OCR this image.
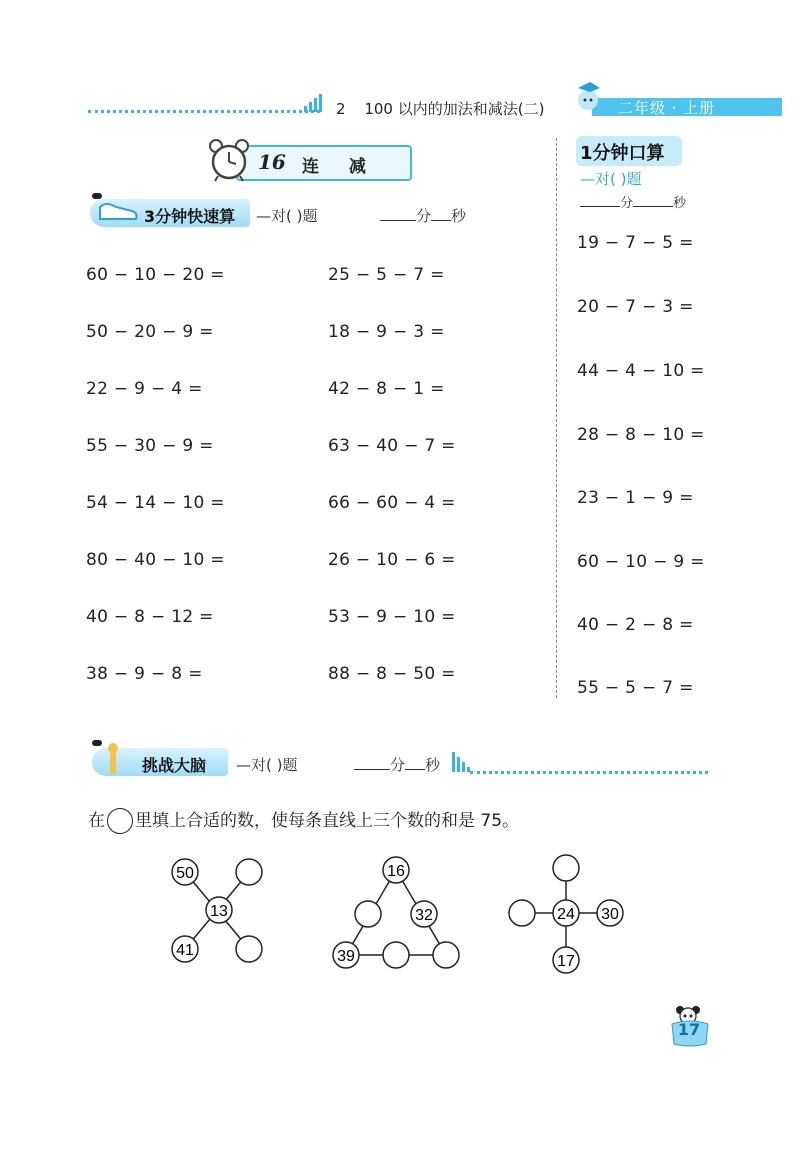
2 100 以内的加法和减法(二)	二年级 · 上册
16 连 减
3分钟快速算 —对( )题	分 秒
60 − 10 − 20 =
50 − 20 − 9 =
22 − 9 − 4 =
55 − 30 − 9 =
54 − 14 − 10 =
80 − 40 − 10 =
40 − 8 − 12 =
38 − 9 − 8 =
25 − 5 − 7 =
18 − 9 − 3 =
42 − 8 − 1 =
63 − 40 − 7 =
66 − 60 − 4 =
26 − 10 − 6 =
53 − 9 − 10 =
88 − 8 − 50 =
1分钟口算
—对( )题
分	秒
19 − 7 − 5 =
20 − 7 − 3 =
44 − 4 − 10 =
28 − 8 − 10 =
23 − 1 − 9 =
60 − 10 − 9 =
40 − 2 − 8 =
55 − 5 − 7 =
挑战大脑 —对( )题	分 秒
在 里填上合适的数，使每条直线上三个数的和是 75。
50
13
41
16
32
39
24 30
17
17
